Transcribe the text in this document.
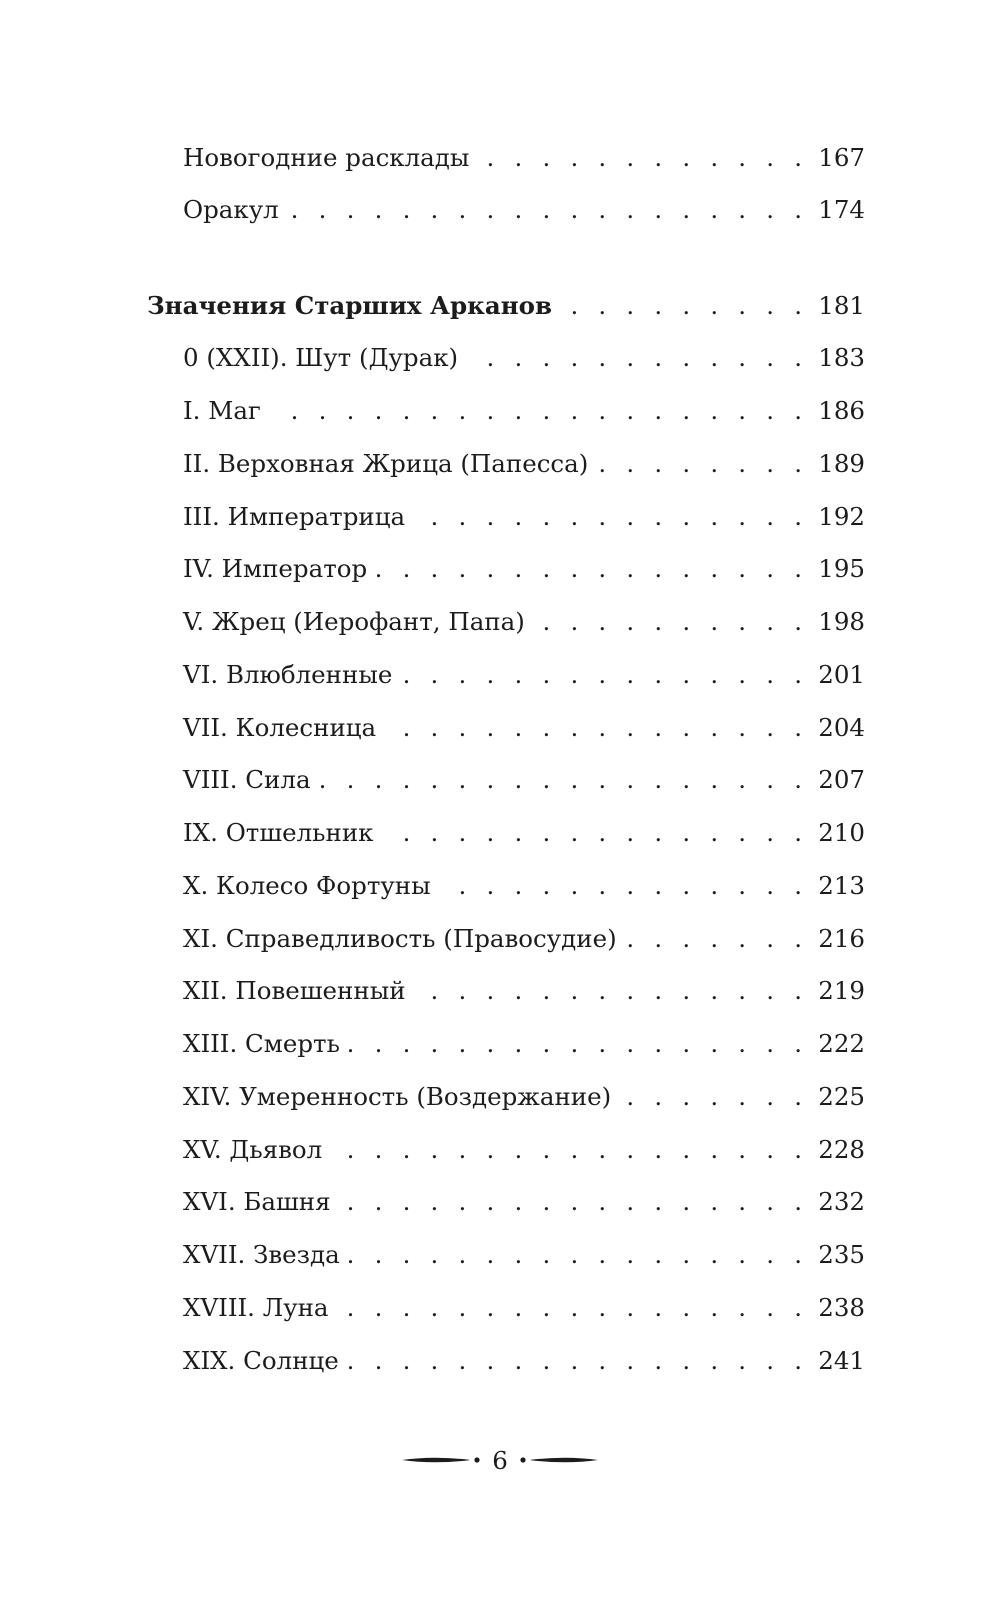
Новогодние расклады . . .	167
Оракул . . .	174
Значения Старших Арканов . . .	181
0 (XXII). Шут (Дурак) . . .	183
I. Маг . . .	186
II. Верховная Жрица (Папесса) . . .	189
III. Императрица . . .	192
IV. Император . . .	195
V. Жрец (Иерофант, Папа) . . .	198
VI. Влюбленные . . .	201
VII. Колесница . . .	204
VIII. Сила . . .	207
IX. Отшельник . . .	210
X. Колесо Фортуны . . .	213
XI. Справедливость (Правосудие) . . .	216
XII. Повешенный . . .	219
XIII. Смерть . . .	222
XIV. Умеренность (Воздержание) . . .	225
XV. Дьявол . . .	228
XVI. Башня . . .	232
XVII. Звезда . . .	235
XVIII. Луна . . .	238
XIX. Солнце . . .	241
6
